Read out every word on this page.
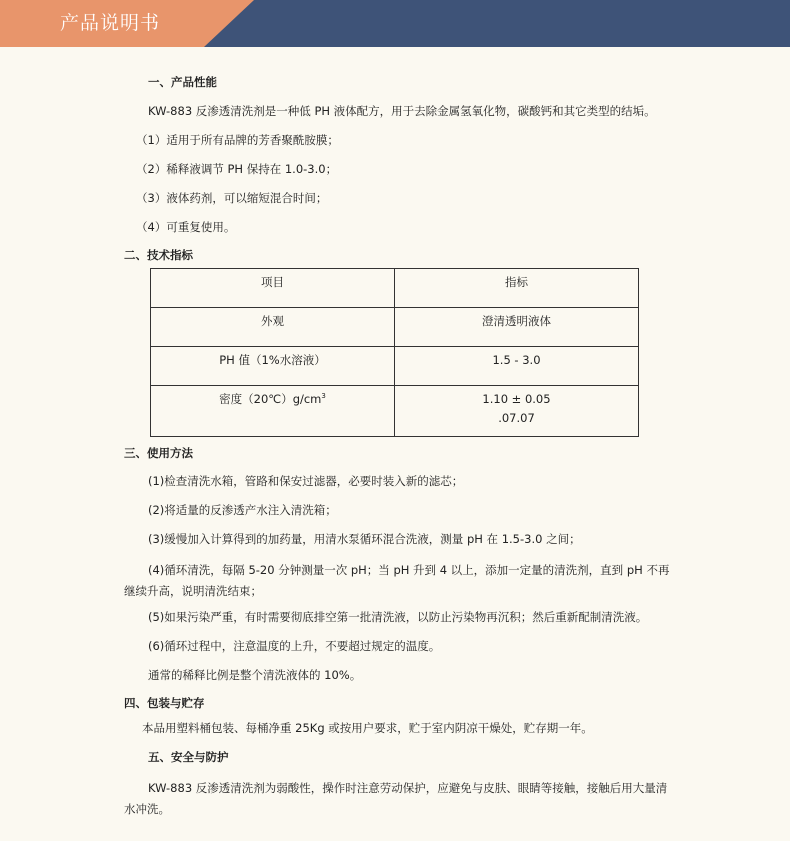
产品说明书
一、产品性能
KW-883 反渗透清洗剂是一种低 PH 液体配方，用于去除金属氢氧化物，碳酸钙和其它类型的结垢。
（1）适用于所有品牌的芳香聚酰胺膜；
（2）稀释液调节 PH 保持在 1.0-3.0；
（3）液体药剂，可以缩短混合时间；
（4）可重复使用。
二、技术指标
项目	指标
外观	澄清透明液体
PH 值（1%水溶液）	1.5 - 3.0
密度$(20℃)g/cm^3$	1.10 ± 0.05
.07.07
三、使用方法
(1)检查清洗水箱，管路和保安过滤器，必要时装入新的滤芯；
(2)将适量的反渗透产水注入清洗箱；
(3)缓慢加入计算得到的加药量，用清水泵循环混合洗液，测量 pH 在 1.5-3.0 之间；
(4)循环清洗，每隔 5-20 分钟测量一次 pH；当 pH 升到 4 以上，添加一定量的清洗剂，直到 pH 不再继续升高，说明清洗结束；
(5)如果污染严重，有时需要彻底排空第一批清洗液，以防止污染物再沉积；然后重新配制清洗液。
(6)循环过程中，注意温度的上升，不要超过规定的温度。
通常的稀释比例是整个清洗液体的 10%。
四、包装与贮存
本品用塑料桶包装、每桶净重 25Kg 或按用户要求，贮于室内阴凉干燥处，贮存期一年。
五、安全与防护
KW-883 反渗透清洗剂为弱酸性，操作时注意劳动保护，应避免与皮肤、眼睛等接触，接触后用大量清水冲洗。
